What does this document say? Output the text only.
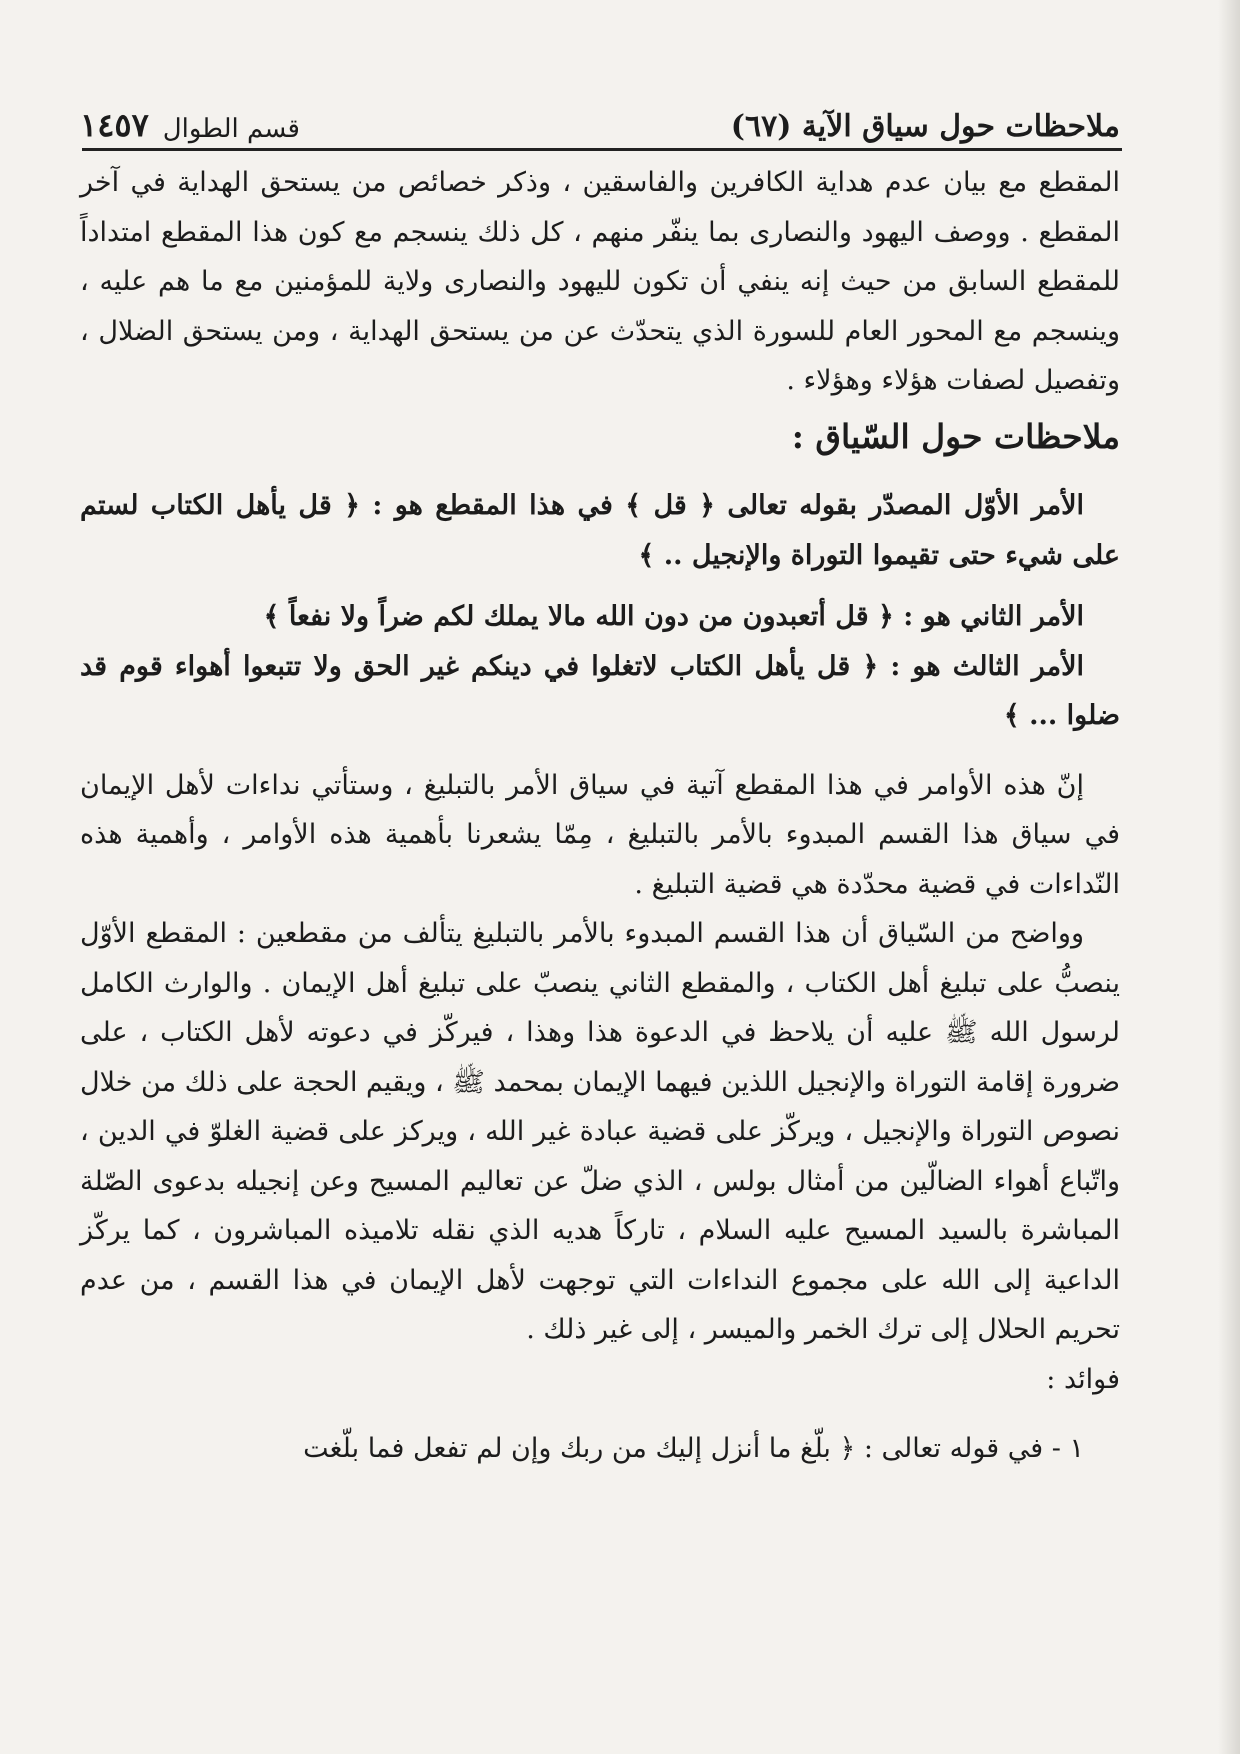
ملاحظات حول سياق الآية (٦٧)
قسم الطوال
١٤٥٧

المقطع مع بيان عدم هداية الكافرين والفاسقين ، وذكر خصائص من يستحق الهداية في آخر المقطع . ووصف اليهود والنصارى بما ينفّر منهم ، كل ذلك ينسجم مع كون هذا المقطع امتداداً للمقطع السابق من حيث إنه ينفي أن تكون لليهود والنصارى ولاية للمؤمنين مع ما هم عليه ، وينسجم مع المحور العام للسورة الذي يتحدّث عن من يستحق الهداية ، ومن يستحق الضلال ، وتفصيل لصفات هؤلاء وهؤلاء .

ملاحظات حول السّياق :

الأمر الأوّل المصدّر بقوله تعالى ﴿ قل ﴾ في هذا المقطع هو : ﴿ قل يأهل الكتاب لستم على شيء حتى تقيموا التوراة والإنجيل .. ﴾

الأمر الثاني هو : ﴿ قل أتعبدون من دون الله مالا يملك لكم ضراً ولا نفعاً ﴾

الأمر الثالث هو : ﴿ قل يأهل الكتاب لاتغلوا في دينكم غير الحق ولا تتبعوا أهواء قوم قد ضلوا ... ﴾

إنّ هذه الأوامر في هذا المقطع آتية في سياق الأمر بالتبليغ ، وستأتي نداءات لأهل الإيمان في سياق هذا القسم المبدوء بالأمر بالتبليغ ، مِمّا يشعرنا بأهمية هذه الأوامر ، وأهمية هذه النّداءات في قضية محدّدة هي قضية التبليغ .

وواضح من السّياق أن هذا القسم المبدوء بالأمر بالتبليغ يتألف من مقطعين : المقطع الأوّل ينصبُّ على تبليغ أهل الكتاب ، والمقطع الثاني ينصبّ على تبليغ أهل الإيمان . والوارث الكامل لرسول الله ﷺ عليه أن يلاحظ في الدعوة هذا وهذا ، فيركّز في دعوته لأهل الكتاب ، على ضرورة إقامة التوراة والإنجيل اللذين فيهما الإيمان بمحمد ﷺ ، ويقيم الحجة على ذلك من خلال نصوص التوراة والإنجيل ، ويركّز على قضية عبادة غير الله ، ويركز على قضية الغلوّ في الدين ، واتّباع أهواء الضالّين من أمثال بولس ، الذي ضلّ عن تعاليم المسيح وعن إنجيله بدعوى الصّلة المباشرة بالسيد المسيح عليه السلام ، تاركاً هديه الذي نقله تلاميذه المباشرون ، كما يركّز الداعية إلى الله على مجموع النداءات التي توجهت لأهل الإيمان في هذا القسم ، من عدم تحريم الحلال إلى ترك الخمر والميسر ، إلى غير ذلك .

فوائد :

١ - في قوله تعالى : ﴿ بلّغ ما أنزل إليك من ربك وإن لم تفعل فما بلّغت
